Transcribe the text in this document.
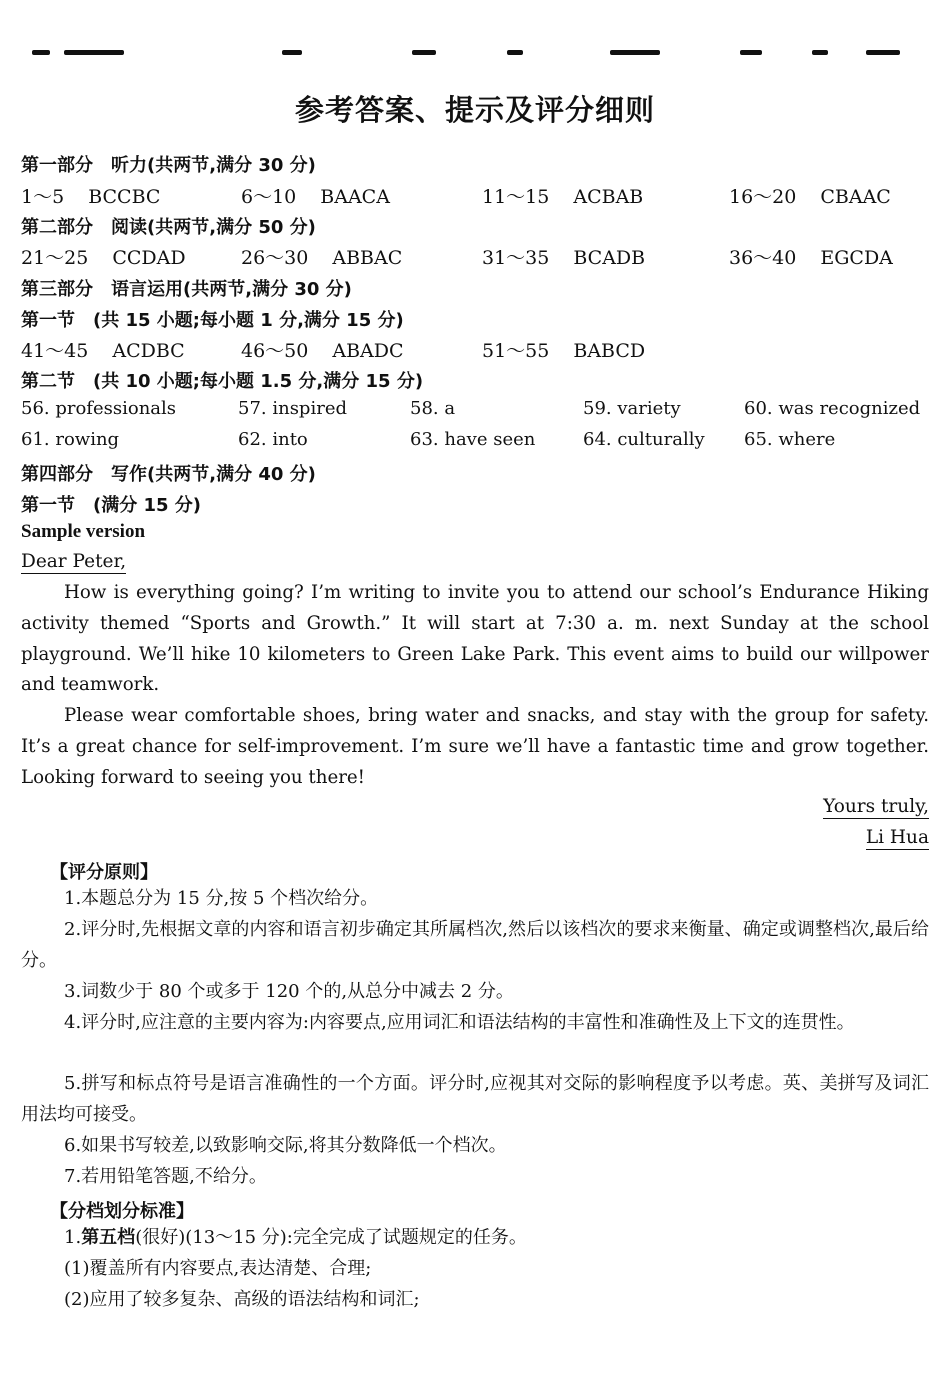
参考答案、提示及评分细则
第一部分　听力(共两节,满分 30 分)
1～5 BCCBC	6～10 BAACA	11～15 ACBAB	16～20 CBAAC
第二部分　阅读(共两节,满分 50 分)
21～25 CCDAD	26～30 ABBAC	31～35 BCADB	36～40 EGCDA
第三部分　语言运用(共两节,满分 30 分)
第一节　(共 15 小题;每小题 1 分,满分 15 分)
41～45 ACDBC	46～50 ABADC	51～55 BABCD
第二节　(共 10 小题;每小题 1.5 分,满分 15 分)
56. professionals	57. inspired	58. a	59. variety	60. was recognized
61. rowing	62. into	63. have seen	64. culturally 65. where
第四部分　写作(共两节,满分 40 分)
第一节　(满分 15 分)
Sample version
Dear Peter,
How is everything going? I’m writing to invite you to attend our school’s Endurance Hiking activity themed “Sports and Growth.” It will start at 7:30 a. m. next Sunday at the school playground. We’ll hike 10 kilometers to Green Lake Park. This event aims to build our willpower and teamwork.
Please wear comfortable shoes, bring water and snacks, and stay with the group for safety. It’s a great chance for self-improvement. I’m sure we’ll have a fantastic time and grow together. Looking forward to seeing you there!
Yours truly,
Li Hua
【评分原则】
1.本题总分为 15 分,按 5 个档次给分。
2.评分时,先根据文章的内容和语言初步确定其所属档次,然后以该档次的要求来衡量、确定或调整档次,最后给分。
3.词数少于 80 个或多于 120 个的,从总分中减去 2 分。
4.评分时,应注意的主要内容为:内容要点,应用词汇和语法结构的丰富性和准确性及上下文的连贯性。
5.拼写和标点符号是语言准确性的一个方面。评分时,应视其对交际的影响程度予以考虑。英、美拼写及词汇用法均可接受。
6.如果书写较差,以致影响交际,将其分数降低一个档次。
7.若用铅笔答题,不给分。
【分档划分标准】
1.第五档(很好)(13～15 分):完全完成了试题规定的任务。
(1)覆盖所有内容要点,表达清楚、合理;
(2)应用了较多复杂、高级的语法结构和词汇;
